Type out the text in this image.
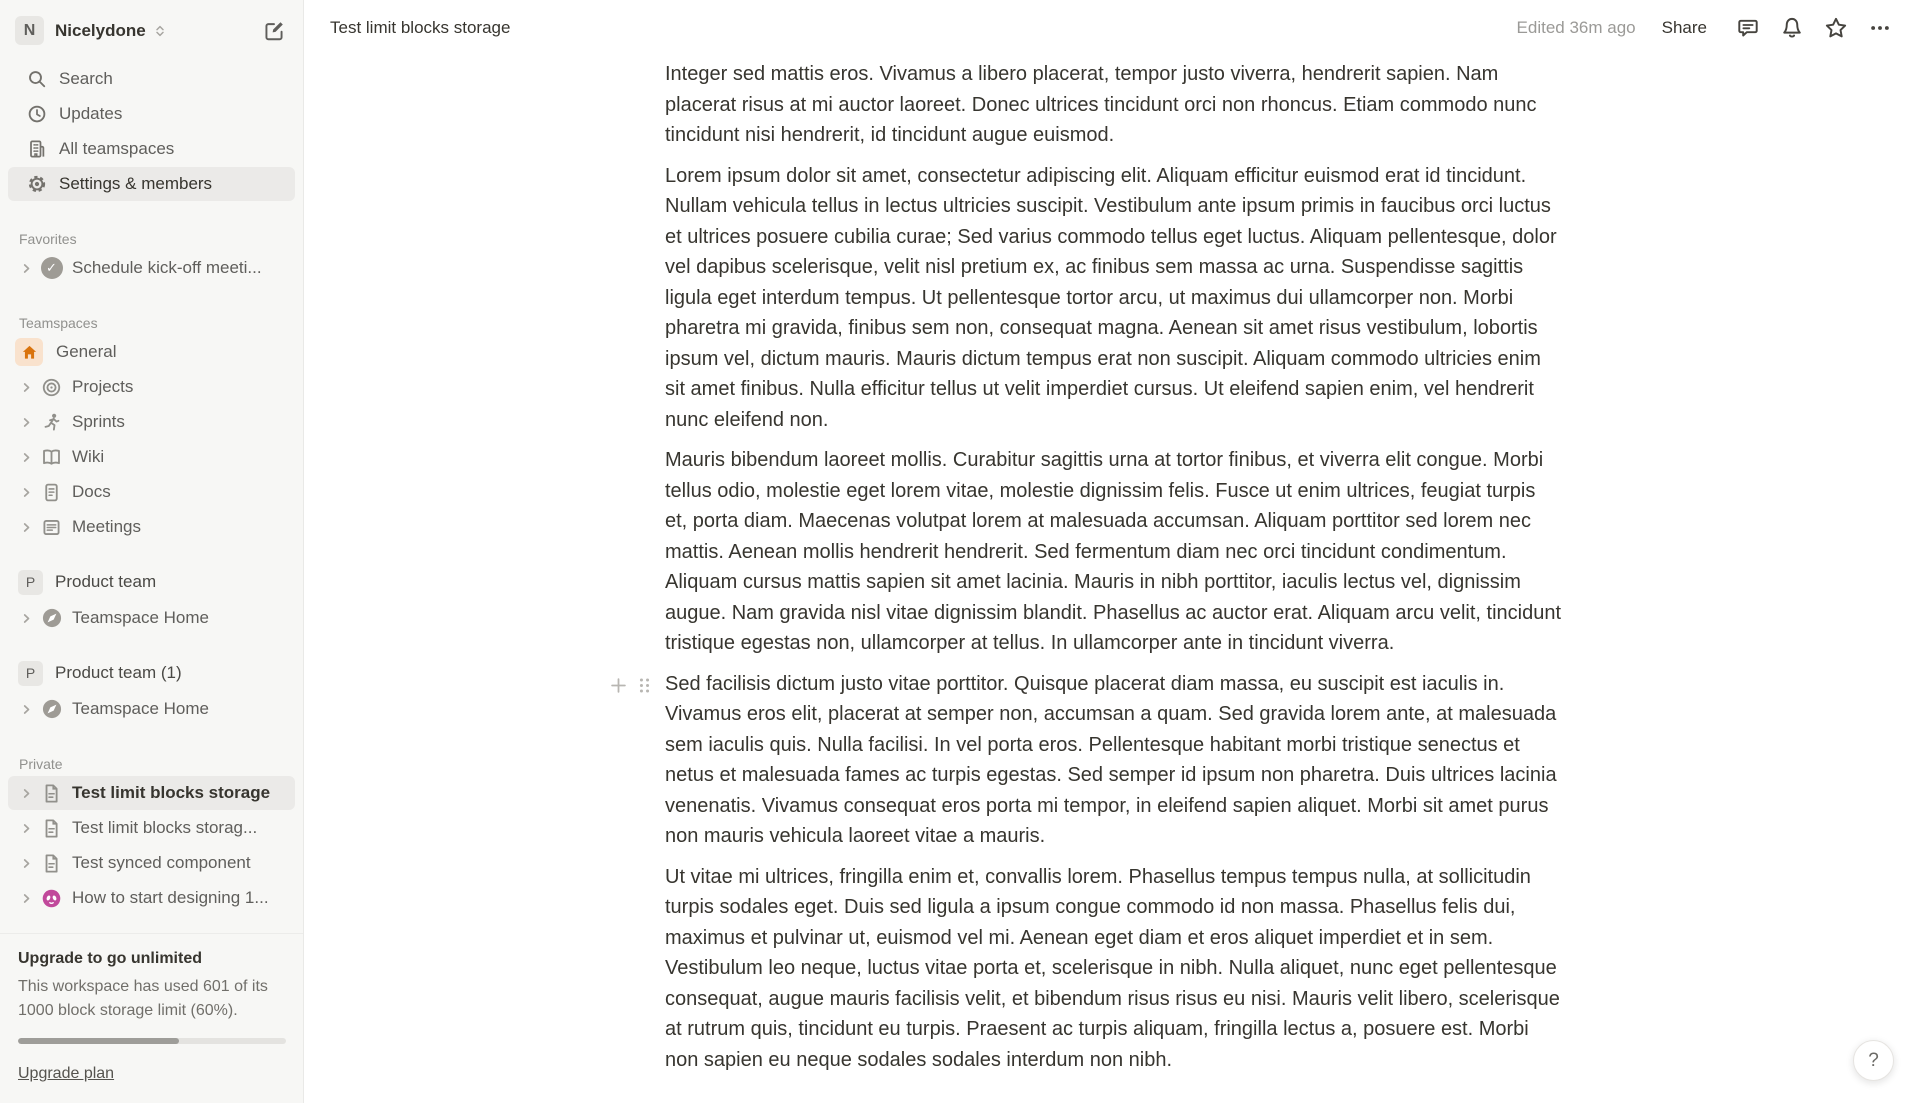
N	Nicelydone
Search
Updates
All teamspaces
Settings & members
Favorites
✓ Schedule kick-off meeti...
Teamspaces
General
Projects
Sprints
Wiki
Docs
Meetings
P	Product team
Teamspace Home
P	Product team (1)
Teamspace Home
Private
Test limit blocks storage
Test limit blocks storag...
Test synced component
How to start designing 1...
Upgrade to go unlimited
This workspace has used 601 of its 1000 block storage limit (60%).
Upgrade plan
Test limit blocks storage	Edited 36m ago Share

Integer sed mattis eros. Vivamus a libero placerat, tempor justo viverra, hendrerit sapien. Nam placerat risus at mi auctor laoreet. Donec ultrices tincidunt orci non rhoncus. Etiam commodo nunc tincidunt nisi hendrerit, id tincidunt augue euismod.

Lorem ipsum dolor sit amet, consectetur adipiscing elit. Aliquam efficitur euismod erat id tincidunt. Nullam vehicula tellus in lectus ultricies suscipit. Vestibulum ante ipsum primis in faucibus orci luctus et ultrices posuere cubilia curae; Sed varius commodo tellus eget luctus. Aliquam pellentesque, dolor vel dapibus scelerisque, velit nisl pretium ex, ac finibus sem massa ac urna. Suspendisse sagittis ligula eget interdum tempus. Ut pellentesque tortor arcu, ut maximus dui ullamcorper non. Morbi pharetra mi gravida, finibus sem non, consequat magna. Aenean sit amet risus vestibulum, lobortis ipsum vel, dictum mauris. Mauris dictum tempus erat non suscipit. Aliquam commodo ultricies enim sit amet finibus. Nulla efficitur tellus ut velit imperdiet cursus. Ut eleifend sapien enim, vel hendrerit nunc eleifend non.

Mauris bibendum laoreet mollis. Curabitur sagittis urna at tortor finibus, et viverra elit congue. Morbi tellus odio, molestie eget lorem vitae, molestie dignissim felis. Fusce ut enim ultrices, feugiat turpis et, porta diam. Maecenas volutpat lorem at malesuada accumsan. Aliquam porttitor sed lorem nec mattis. Aenean mollis hendrerit hendrerit. Sed fermentum diam nec orci tincidunt condimentum. Aliquam cursus mattis sapien sit amet lacinia. Mauris in nibh porttitor, iaculis lectus vel, dignissim augue. Nam gravida nisl vitae dignissim blandit. Phasellus ac auctor erat. Aliquam arcu velit, tincidunt tristique egestas non, ullamcorper at tellus. In ullamcorper ante in tincidunt viverra.

Sed facilisis dictum justo vitae porttitor. Quisque placerat diam massa, eu suscipit est iaculis in. Vivamus eros elit, placerat at semper non, accumsan a quam. Sed gravida lorem ante, at malesuada sem iaculis quis. Nulla facilisi. In vel porta eros. Pellentesque habitant morbi tristique senectus et netus et malesuada fames ac turpis egestas. Sed semper id ipsum non pharetra. Duis ultrices lacinia venenatis. Vivamus consequat eros porta mi tempor, in eleifend sapien aliquet. Morbi sit amet purus non mauris vehicula laoreet vitae a mauris.

Ut vitae mi ultrices, fringilla enim et, convallis lorem. Phasellus tempus tempus nulla, at sollicitudin turpis sodales eget. Duis sed ligula a ipsum congue commodo id non massa. Phasellus felis dui, maximus et pulvinar ut, euismod vel mi. Aenean eget diam et eros aliquet imperdiet et in sem. Vestibulum leo neque, luctus vitae porta et, scelerisque in nibh. Nulla aliquet, nunc eget pellentesque consequat, augue mauris facilisis velit, et bibendum risus risus eu nisi. Mauris velit libero, scelerisque at rutrum quis, tincidunt eu turpis. Praesent ac turpis aliquam, fringilla lectus a, posuere est. Morbi non sapien eu neque sodales sodales interdum non nibh.	?
